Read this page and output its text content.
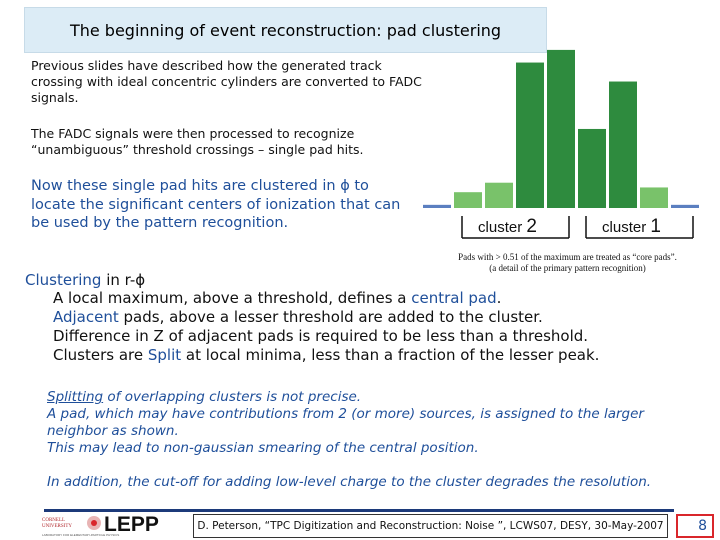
The beginning of event reconstruction: pad clustering
Previous slides have described how the generated track crossing with ideal concentric cylinders are converted to FADC signals.
The FADC signals were then processed to recognize “unambiguous” threshold crossings – single pad hits.
Now these single pad hits are clustered in ϕ to locate the significant centers of ionization that can be used by the pattern recognition.	cluster 2	cluster 1
Pads with > 0.51 of the maximum are treated as “core pads”.
(a detail of the primary pattern recognition)
Clustering in r-ϕ
A local maximum, above a threshold, defines a central pad.
Adjacent pads, above a lesser threshold are added to the cluster.
Difference in Z of adjacent pads is required to be less than a threshold.
Clusters are Split at local minima, less than a fraction of the lesser peak.
Splitting of overlapping clusters is not precise.
A pad, which may have contributions from 2 (or more) sources, is assigned to the larger neighbor as shown.
This may lead to non-gaussian smearing of the central position.
In addition, the cut-off for adding low-level charge to the cluster degrades the resolution.
CORNELL
UNIVERSITY LEPP
LABORATORY FOR ELEMENTARY-PARTICLE PHYSICS
D. Peterson, “TPC Digitization and Reconstruction: Noise ”, LCWS07, DESY, 30-May-2007	8
